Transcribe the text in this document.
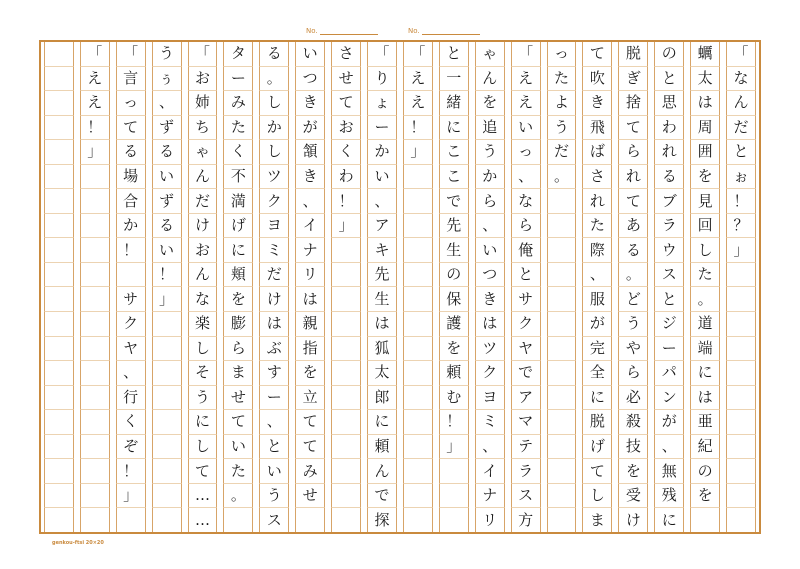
No.	No.
「
な
ん
だ
と
ぉ
！
？
」
蠣
太
は
周
囲
を
見
回
し
た
。
道
端
に
は
亜
紀
の
を
の
と
思
わ
れ
る
ブ
ラ
ウ
ス
と
ジ
ー
パ
ン
が
、
無
残
に
脱
ぎ
捨
て
ら
れ
て
あ
る
。
ど
う
や
ら
必
殺
技
を
受
け
て
吹
き
飛
ば
さ
れ
た
際
、
服
が
完
全
に
脱
げ
て
し
ま
っ
た
よ
う
だ
。
「
え
え
い
っ
、
な
ら
俺
と
サ
ク
ヤ
で
ア
マ
テ
ラ
ス
方
ゃ
ん
を
追
う
か
ら
、
い
つ
き
は
ツ
ク
ヨ
ミ
、
イ
ナ
リ
と
一
緒
に
こ
こ
で
先
生
の
保
護
を
頼
む
！
」
「
え
え
！
」
「
り
ょ
ー
か
い
、
ア
キ
先
生
は
狐
太
郎
に
頼
ん
で
探
さ
せ
て
お
く
わ
！
」
い
つ
き
が
頷
き
、
イ
ナ
リ
は
親
指
を
立
て
て
み
せ
る
。
し
か
し
ツ
ク
ヨ
ミ
だ
け
は
ぶ
す
ー
、
と
い
う
ス
タ
ー
み
た
く
不
満
げ
に
頬
を
膨
ら
ま
せ
て
い
た
。
「
お
姉
ち
ゃ
ん
だ
け
お
ん
な
楽
し
そ
う
に
し
て
…
…
う
ぅ
、
ず
る
い
ず
る
い
！
」
「
言
っ
て
る
場
合
か
！

サ
ク
ヤ
、
行
く
ぞ
！
」
「
え
え
！
」
genkou-ftsi 20×20
